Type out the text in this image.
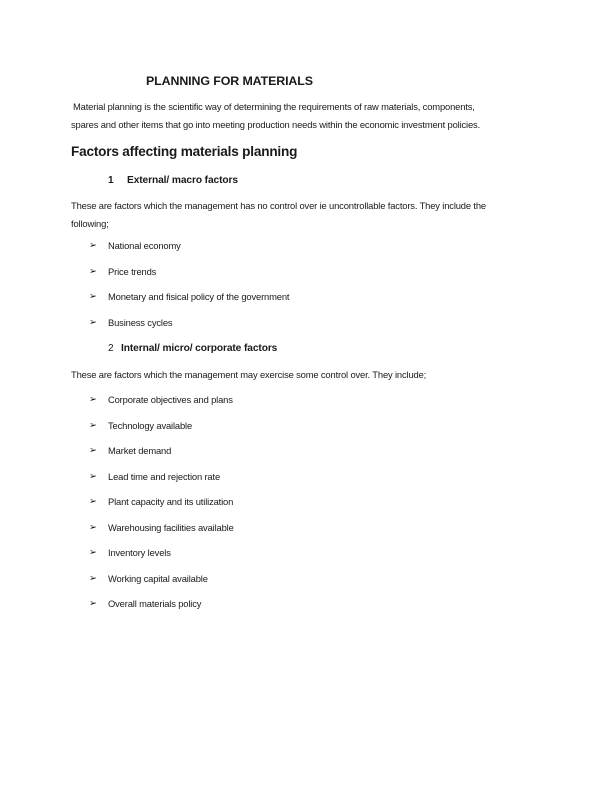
PLANNING FOR MATERIALS
Material planning is the scientific way of determining the requirements of raw materials, components,
spares and other items that go into meeting production needs within the economic investment policies.
Factors affecting materials planning
1 External/ macro factors
These are factors which the management has no control over ie uncontrollable factors. They include the
following;
➢	National economy
➢	Price trends
➢	Monetary and fisical policy of the government
➢	Business cycles
2 Internal/ micro/ corporate factors
These are factors which the management may exercise some control over. They include;
➢	Corporate objectives and plans
➢	Technology available
➢	Market demand
➢	Lead time and rejection rate
➢	Plant capacity and its utilization
➢	Warehousing facilities available
➢	Inventory levels
➢	Working capital available
➢	Overall materials policy
